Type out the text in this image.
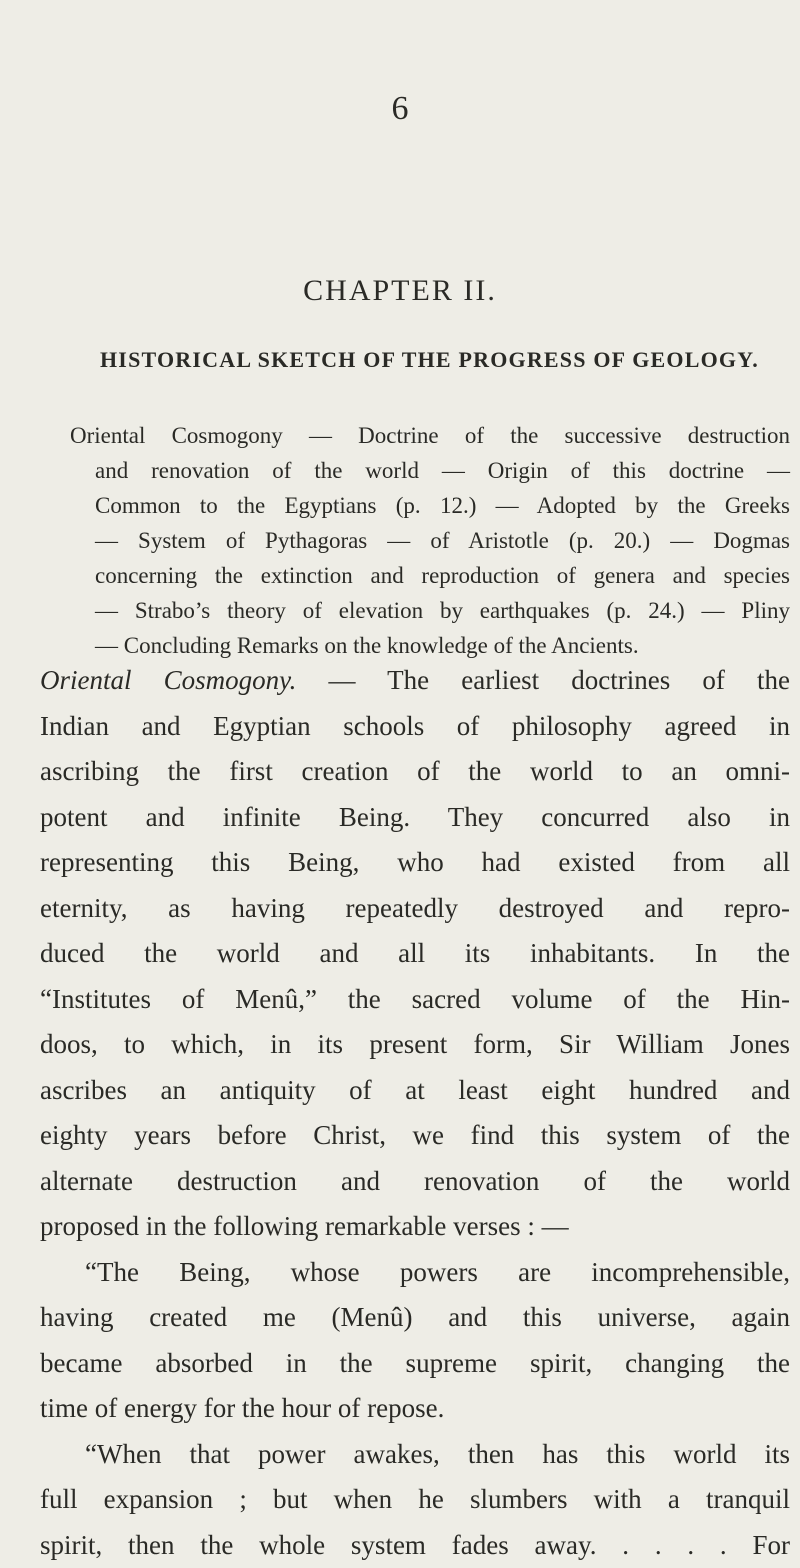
6
CHAPTER II.
HISTORICAL SKETCH OF THE PROGRESS OF GEOLOGY.
Oriental Cosmogony — Doctrine of the successive destruction
and renovation of the world — Origin of this doctrine —
Common to the Egyptians (p. 12.) — Adopted by the Greeks
— System of Pythagoras — of Aristotle (p. 20.) — Dogmas
concerning the extinction and reproduction of genera and species
— Strabo’s theory of elevation by earthquakes (p. 24.) — Pliny
— Concluding Remarks on the knowledge of the Ancients.
Oriental Cosmogony. — The earliest doctrines of the
Indian and Egyptian schools of philosophy agreed in
ascribing the first creation of the world to an omni-
potent and infinite Being. They concurred also in
representing this Being, who had existed from all
eternity, as having repeatedly destroyed and repro-
duced the world and all its inhabitants. In the
“Institutes of Menû,” the sacred volume of the Hin-
doos, to which, in its present form, Sir William Jones
ascribes an antiquity of at least eight hundred and
eighty years before Christ, we find this system of the
alternate destruction and renovation of the world
proposed in the following remarkable verses : —
“The Being, whose powers are incomprehensible,
having created me (Menû) and this universe, again
became absorbed in the supreme spirit, changing the
time of energy for the hour of repose.
“When that power awakes, then has this world its
full expansion ; but when he slumbers with a tranquil
spirit, then the whole system fades away. . . . . For
